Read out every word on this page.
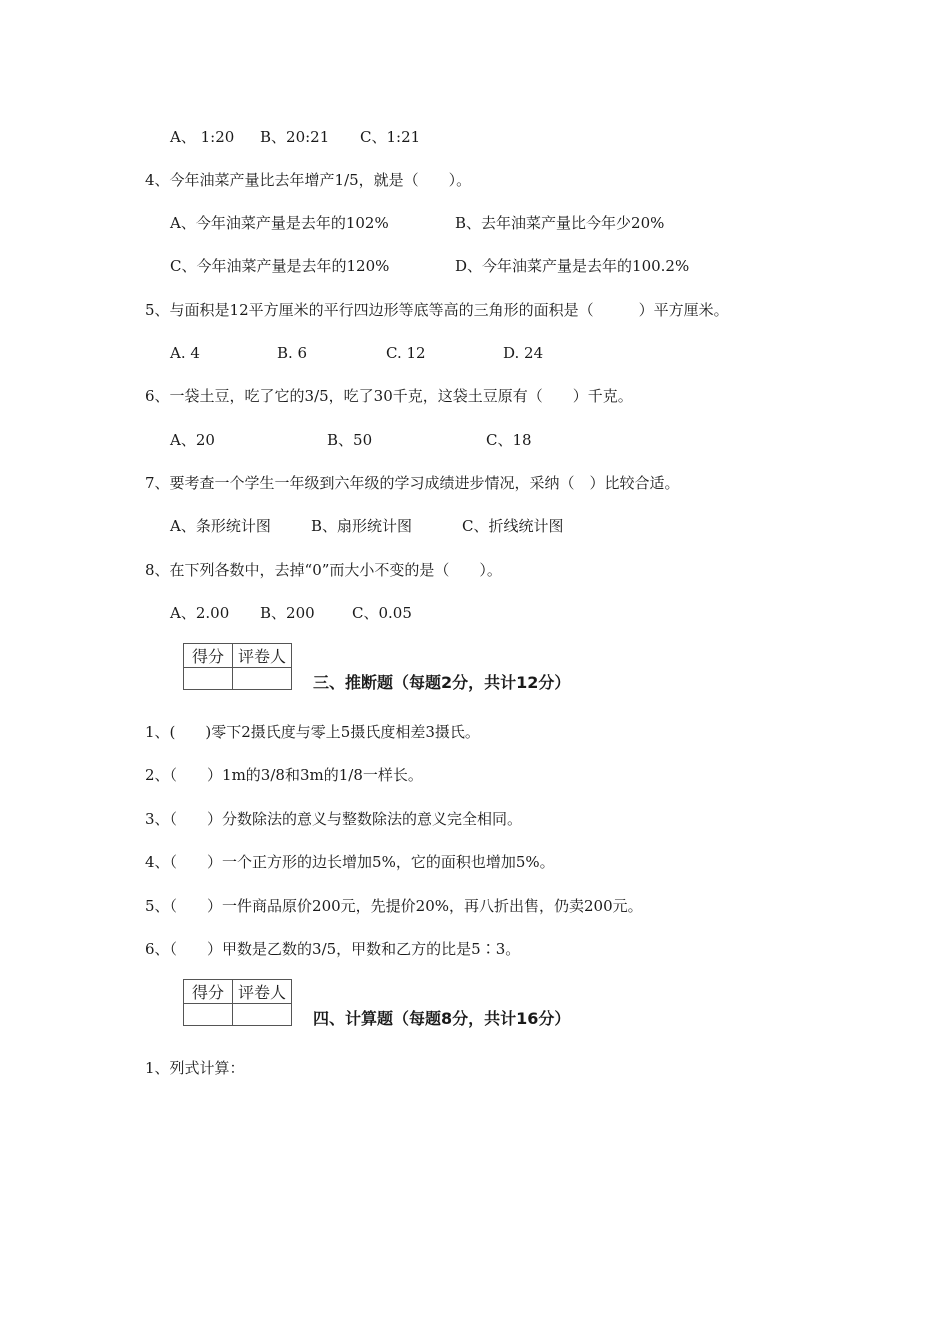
A、 1:20 B、20:21 C、1:21
4、今年油菜产量比去年增产1/5，就是（　　）。
A、今年油菜产量是去年的102%	B、去年油菜产量比今年少20%
C、今年油菜产量是去年的120%	D、今年油菜产量是去年的100.2%
5、与面积是12平方厘米的平行四边形等底等高的三角形的面积是（　　　）平方厘米。
A. 4	B. 6	C. 12	D. 24
6、一袋土豆，吃了它的3/5，吃了30千克，这袋土豆原有（　　）千克。
A、20	B、50	C、18
7、要考查一个学生一年级到六年级的学习成绩进步情况，采纳（　）比较合适。
A、条形统计图	B、扇形统计图	C、折线统计图
8、在下列各数中，去掉“0”而大小不变的是（　　）。
A、2.00 B、200 C、0.05
得分	评卷人

三、推断题（每题2分，共计12分）
1、(　　)零下2摄氏度与零上5摄氏度相差3摄氏。
2、（　　）1m的3/8和3m的1/8一样长。
3、（　　）分数除法的意义与整数除法的意义完全相同。
4、（　　）一个正方形的边长增加5%，它的面积也增加5%。
5、（　　）一件商品原价200元，先提价20%，再八折出售，仍卖200元。
6、（　　）甲数是乙数的3/5，甲数和乙方的比是5∶3。
得分	评卷人

四、计算题（每题8分，共计16分）
1、列式计算：
